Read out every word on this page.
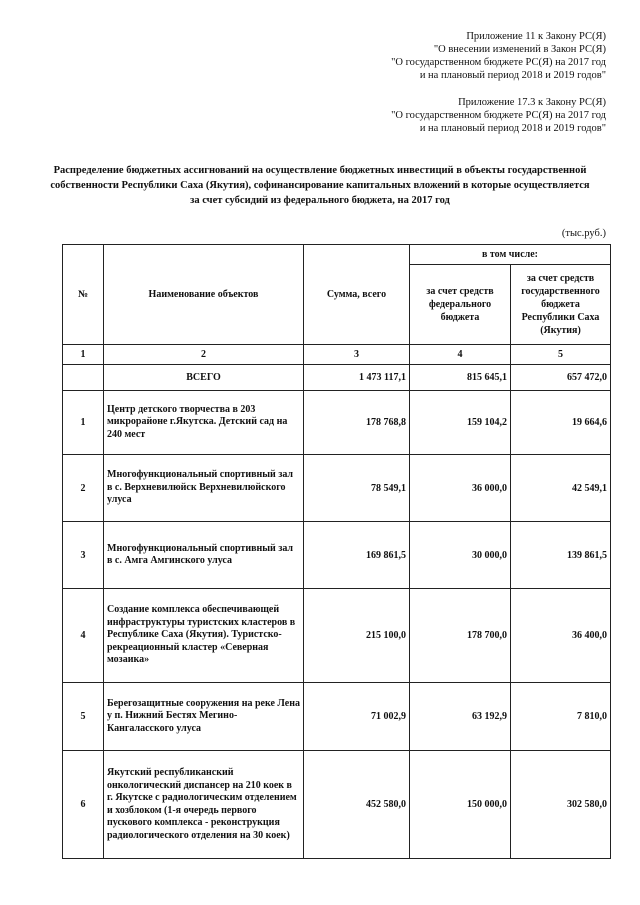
Приложение 11 к Закону РС(Я)
"О внесении изменений в Закон РС(Я)
"О государственном бюджете РС(Я) на 2017 год
и на плановый период 2018 и 2019 годов"
Приложение 17.3 к Закону РС(Я)
"О государственном бюджете РС(Я) на 2017 год
и на плановый период 2018 и 2019 годов"
Распределение бюджетных ассигнований на осуществление бюджетных инвестиций в объекты государственной
собственности Республики Саха (Якутия), софинансирование капитальных вложений в которые осуществляется
за счет субсидий из федерального бюджета, на 2017 год
(тыс.руб.)
№	Наименование объектов	Сумма, всего	в том числе:	
			за счет средств федерального бюджета	за счет средств государственного бюджета Республики Саха (Якутия)
1	2	3	4	5
	ВСЕГО	1 473 117,1	815 645,1	657 472,0
1	Центр детского творчества в 203 микрорайоне г.Якутска. Детский сад на 240 мест	178 768,8	159 104,2	19 664,6
2	Многофункциональный спортивный зал в с. Верхневилюйск Верхневилюйского улуса	78 549,1	36 000,0	42 549,1
3	Многофункциональный спортивный зал в с. Амга Амгинского улуса	169 861,5	30 000,0	139 861,5
4	Создание комплекса обеспечивающей инфраструктуры туристских кластеров в Республике Саха (Якутия). Туристско-рекреационный кластер «Северная мозаика»	215 100,0	178 700,0	36 400,0
5	Берегозащитные сооружения на реке Лена у п. Нижний Бестях Мегино-Кангаласского улуса	71 002,9	63 192,9	7 810,0
6	Якутский республиканский онкологический диспансер на 210 коек в г. Якутске с радиологическим отделением и хозблоком (1-я очередь первого пускового комплекса - реконструкция радиологического отделения на 30 коек)	452 580,0	150 000,0	302 580,0
